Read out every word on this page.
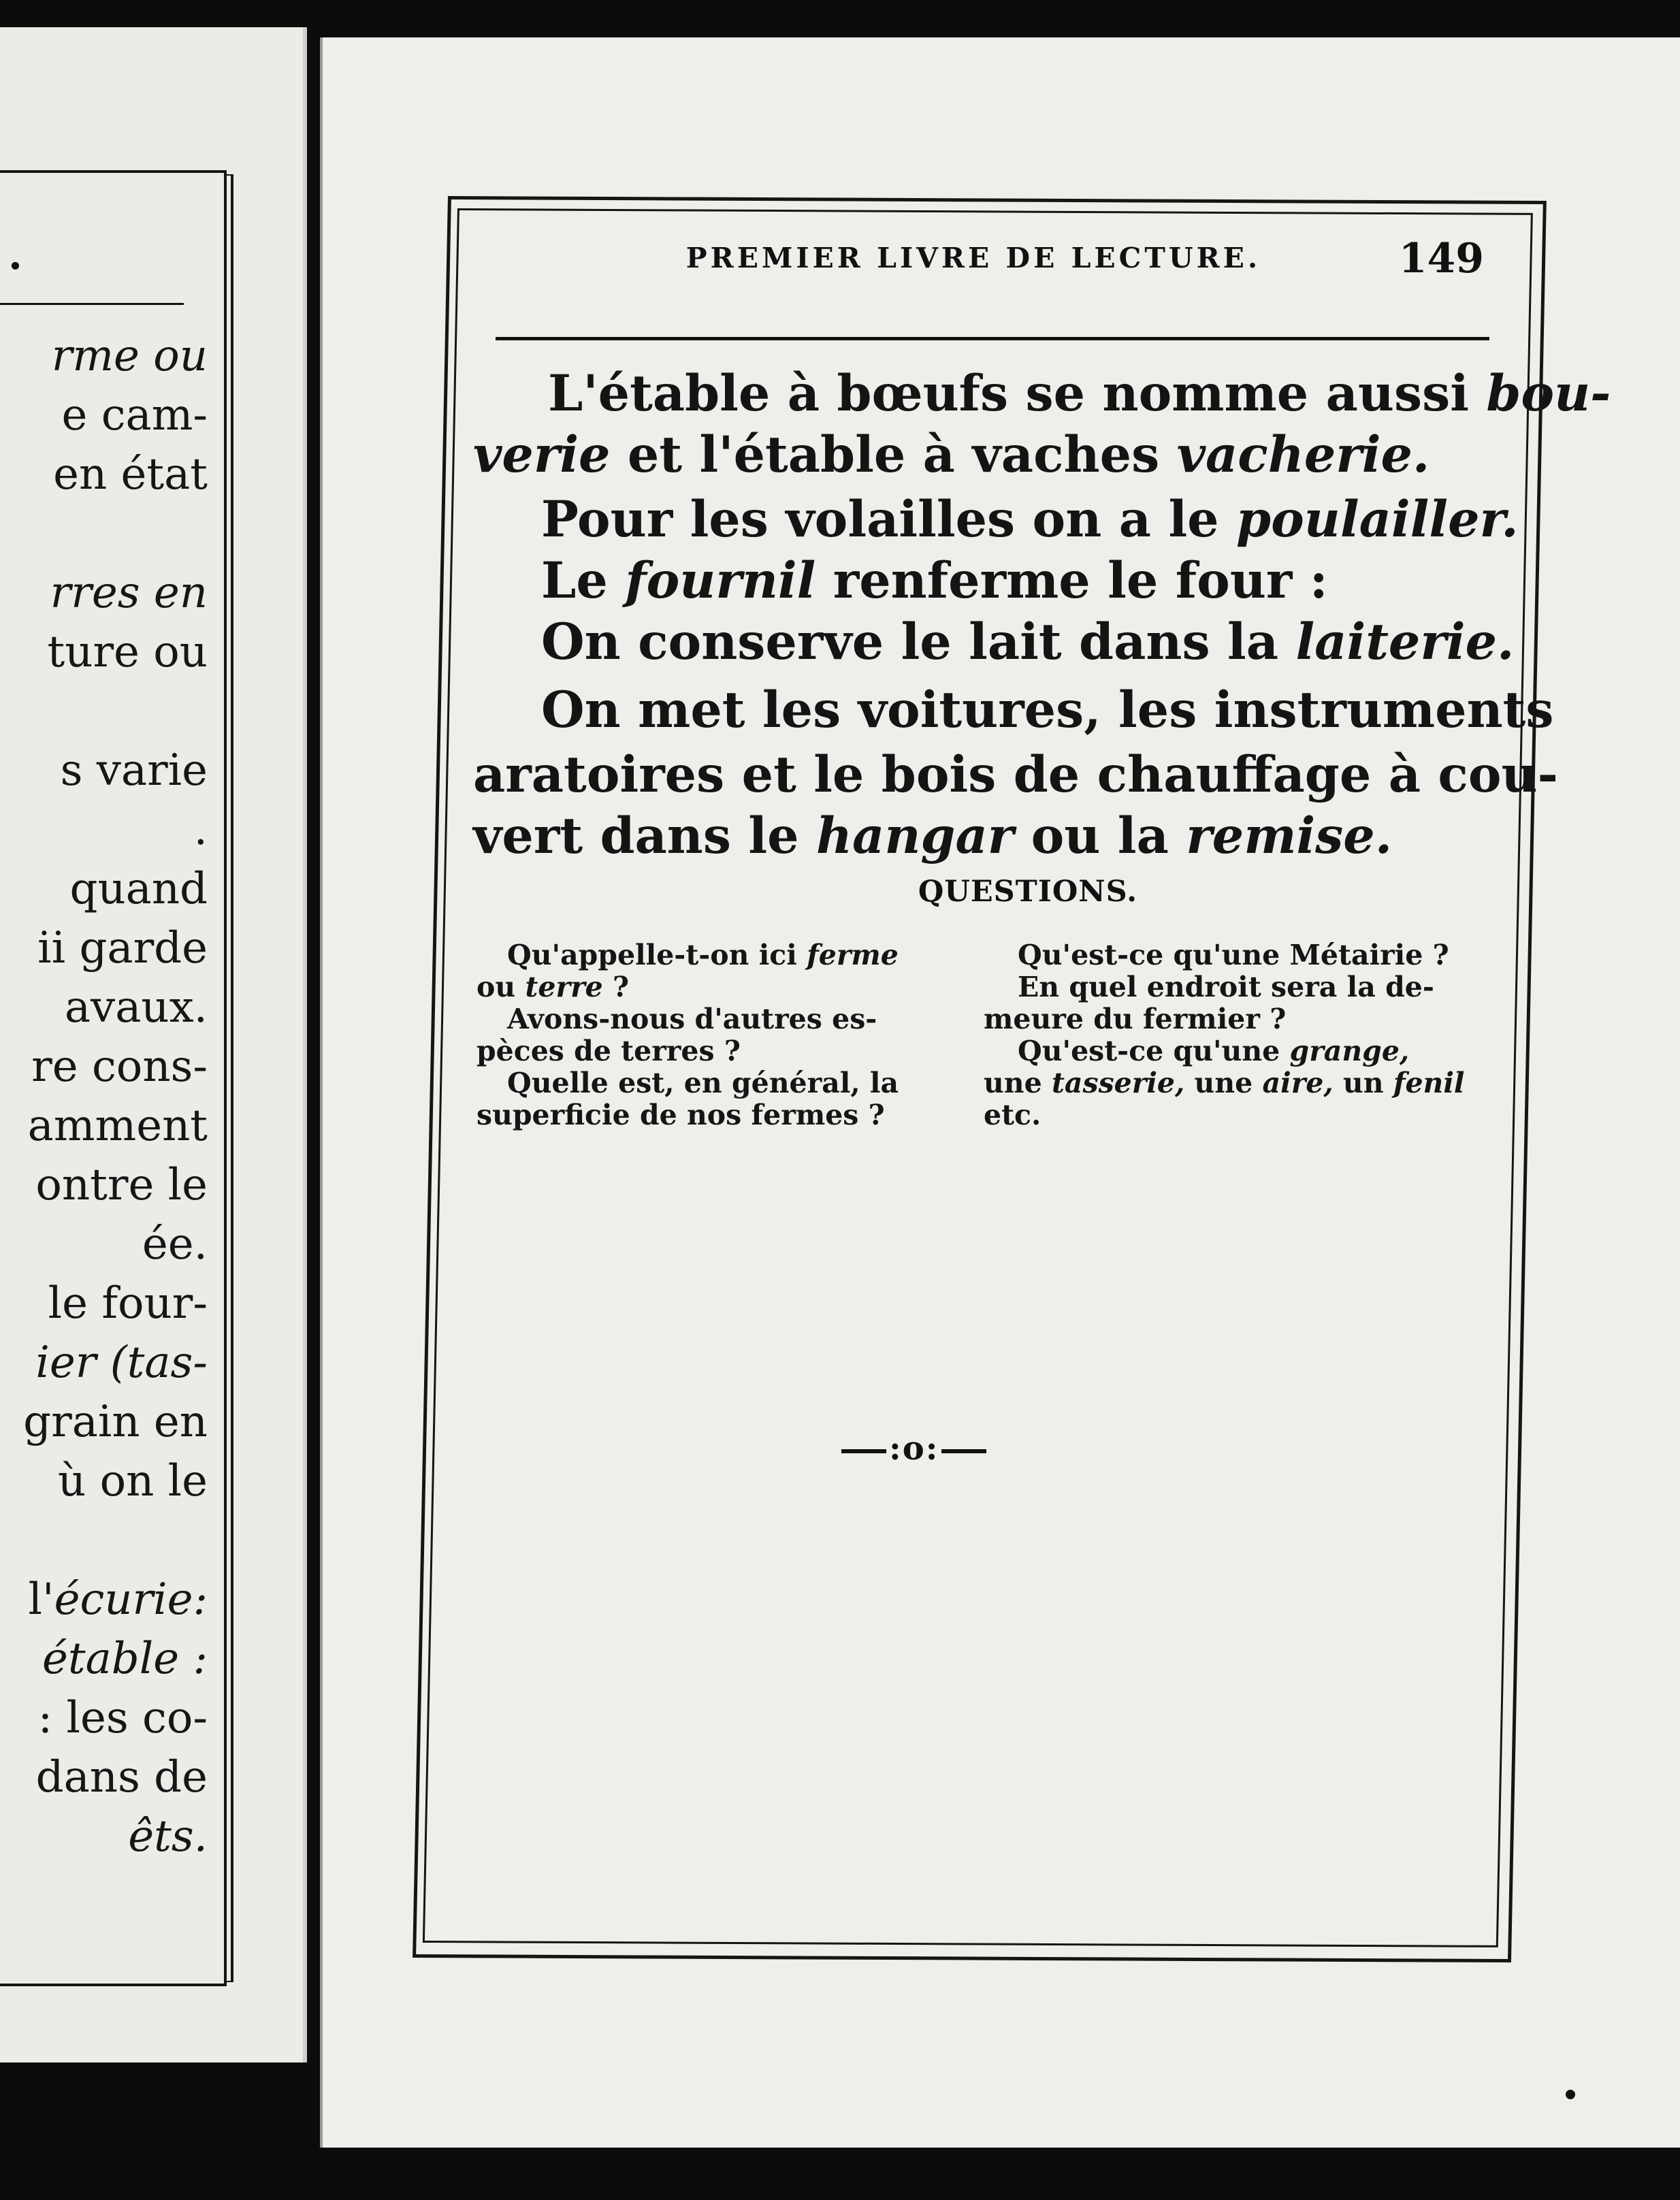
.
rme ou
e cam-
en état
rres en
ture ou
s varie
.
quand
ii garde
avaux.
re cons-
amment
ontre le
ée.
le four-
ier (tas-
grain en
ù on le
l'écurie:
étable :
: les co-
dans de
êts.
PREMIER LIVRE DE LECTURE.	149
L'étable à bœufs se nomme aussi bou-
verie et l'étable à vaches vacherie.
Pour les volailles on a le poulailler.
Le fournil renferme le four :
On conserve le lait dans la laiterie.
On met les voitures, les instruments
aratoires et le bois de chauffage à cou-
vert dans le hangar ou la remise.
QUESTIONS.
Qu'appelle-t-on ici ferme
ou terre ?
Avons-nous d'autres es-
pèces de terres ?
Quelle est, en général, la
superficie de nos fermes ?
Qu'est-ce qu'une Métairie ?
En quel endroit sera la de-
meure du fermier ?
Qu'est-ce qu'une grange,
une tasserie, une aire, un fenil
etc.
:o:
